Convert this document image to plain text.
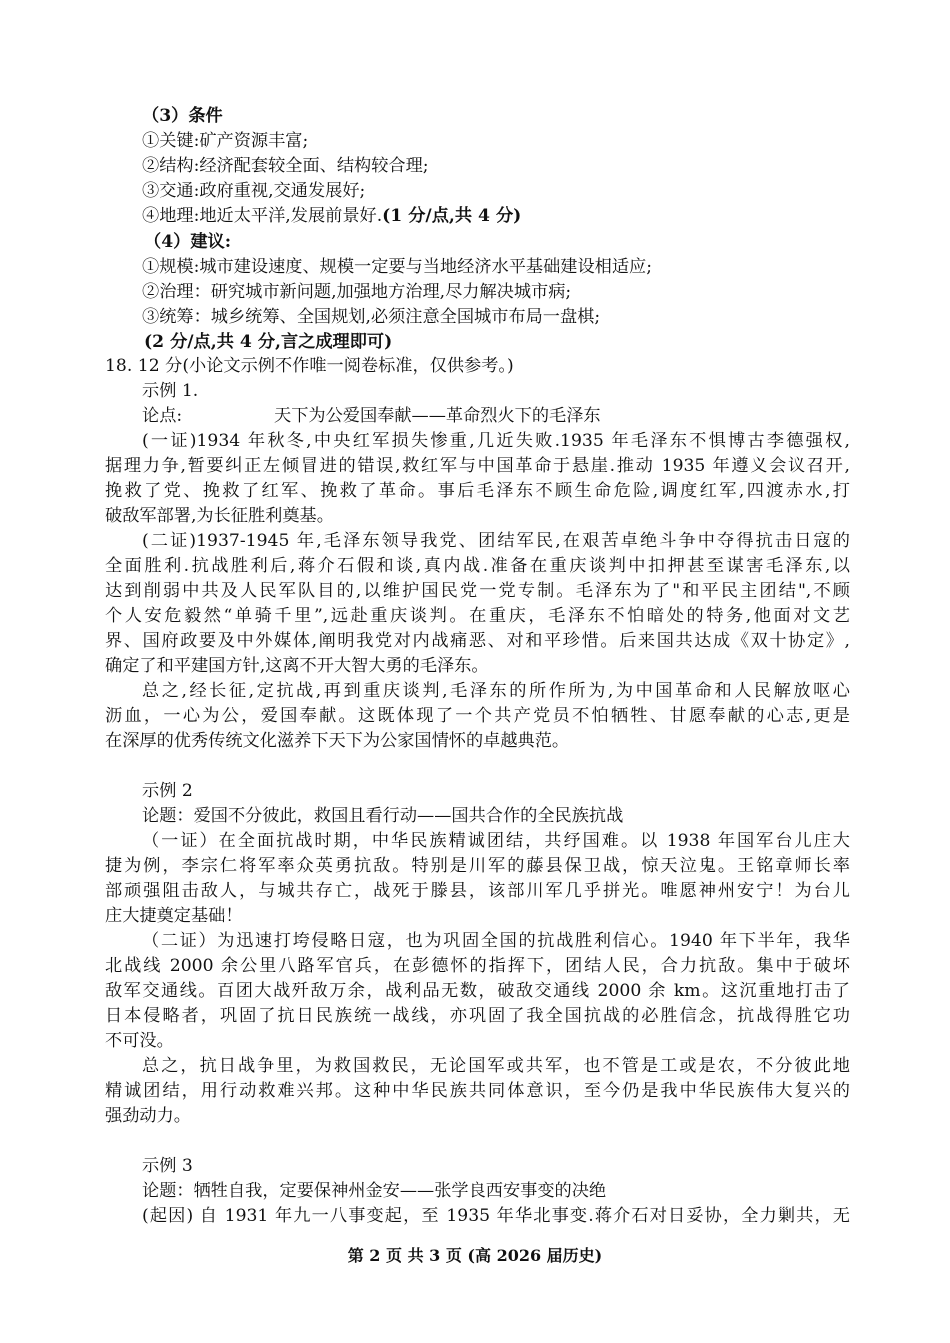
（3）条件
①关键:矿产资源丰富;
②结构:经济配套较全面、结构较合理;
③交通:政府重视,交通发展好;
④地理:地近太平洋,发展前景好.(1 分/点,共 4 分)
（4）建议:
①规模:城市建设速度、规模一定要与当地经济水平基础建设相适应;
②治理：研究城市新问题,加强地方治理,尽力解决城市病;
③统筹：城乡统筹、全国规划,必须注意全国城市布局一盘棋;
(2 分/点,共 4 分,言之成理即可)
18. 12 分(小论文示例不作唯一阅卷标准，仅供参考。)
示例 1.
论点:	天下为公爱国奉献——革命烈火下的毛泽东
(一证)1934 年秋冬,中央红军损失惨重,几近失败.1935 年毛泽东不惧博古李德强权,
据理力争,暂要纠正左倾冒进的错误,救红军与中国革命于悬崖.推动 1935 年遵义会议召开,
挽救了党、挽救了红军、挽救了革命。事后毛泽东不顾生命危险,调度红军,四渡赤水,打
破敌军部署,为长征胜利奠基。
(二证)1937-1945 年,毛泽东领导我党、团结军民,在艰苦卓绝斗争中夺得抗击日寇的
全面胜利.抗战胜利后,蒋介石假和谈,真内战.准备在重庆谈判中扣押甚至谋害毛泽东,以
达到削弱中共及人民军队目的,以维护国民党一党专制。毛泽东为了"和平民主团结",不顾
个人安危毅然“单骑千里”,远赴重庆谈判。在重庆，毛泽东不怕暗处的特务,他面对文艺
界、国府政要及中外媒体,阐明我党对内战痛恶、对和平珍惜。后来国共达成《双十协定》,
确定了和平建国方针,这离不开大智大勇的毛泽东。
总之,经长征,定抗战,再到重庆谈判,毛泽东的所作所为,为中国革命和人民解放呕心
沥血，一心为公，爱国奉献。这既体现了一个共产党员不怕牺牲、甘愿奉献的心志,更是
在深厚的优秀传统文化滋养下天下为公家国情怀的卓越典范。
示例 2
论题：爱国不分彼此，救国且看行动——国共合作的全民族抗战
（一证）在全面抗战时期，中华民族精诚团结，共纾国难。以 1938 年国军台儿庄大
捷为例，李宗仁将军率众英勇抗敌。特别是川军的藤县保卫战，惊天泣鬼。王铭章师长率
部顽强阻击敌人，与城共存亡，战死于滕县，该部川军几乎拼光。唯愿神州安宁！为台儿
庄大捷奠定基础！
（二证）为迅速打垮侵略日寇，也为巩固全国的抗战胜利信心。1940 年下半年，我华
北战线 2000 余公里八路军官兵，在彭德怀的指挥下，团结人民，合力抗敌。集中于破坏
敌军交通线。百团大战歼敌万余，战利品无数，破敌交通线 2000 余 km。这沉重地打击了
日本侵略者，巩固了抗日民族统一战线，亦巩固了我全国抗战的必胜信念，抗战得胜它功
不可没。
总之，抗日战争里，为救国救民，无论国军或共军，也不管是工或是农，不分彼此地
精诚团结，用行动救难兴邦。这种中华民族共同体意识，至今仍是我中华民族伟大复兴的
强劲动力。
示例 3
论题：牺牲自我，定要保神州金安——张学良西安事变的决绝
(起因) 自 1931 年九一八事变起，至 1935 年华北事变.蒋介石对日妥协，全力剿共，无
第 2 页 共 3 页 (高 2026 届历史)
